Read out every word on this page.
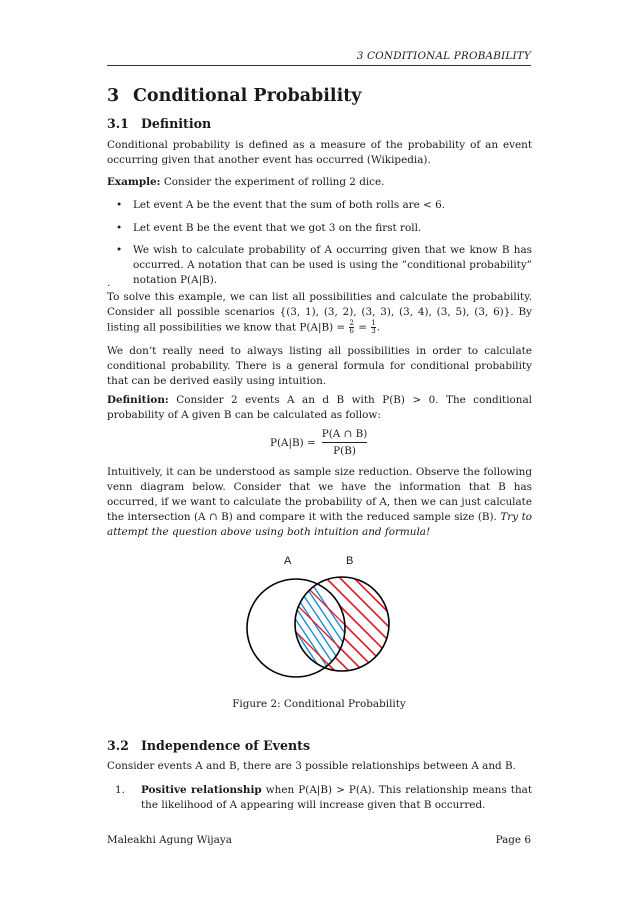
3 CONDITIONAL PROBABILITY
3 Conditional Probability
3.1 Definition
Conditional probability is defined as a measure of the probability of an event occurring given that another event has occurred (Wikipedia).
Example: Consider the experiment of rolling 2 dice.
• Let event A be the event that the sum of both rolls are < 6.
• Let event B be the event that we got 3 on the first roll.
• We wish to calculate probability of A occurring given that we know B has occurred. A notation that can be used is using the ”conditional probability” notation P(A|B).
.
To solve this example, we can list all possibilities and calculate the probability. Consider all possible scenarios {(3, 1), (3, 2), (3, 3), (3, 4), (3, 5), (3, 6)}. By listing all possibilities we know that $P(A|B) = \frac{2}{6} = \frac{1}{3}$ .
We don’t really need to always listing all possibilities in order to calculate conditional probability. There is a general formula for conditional probability that can be derived easily using intuition.
Definition: Consider 2 events A an d B with P(B) > 0. The conditional probability of A given B can be calculated as follow:
P(A|B) =
P(A ∩ B)
P(B)
Intuitively, it can be understood as sample size reduction. Observe the following venn diagram below. Consider that we have the information that B has occurred, if we want to calculate the probability of A, then we can just calculate the intersection (A ∩ B) and compare it with the reduced sample size (B). Try to attempt the question above using both intuition and formula!
A	B
Figure 2: Conditional Probability
3.2 Independence of Events
Consider events A and B, there are 3 possible relationships between A and B.
1. Positive relationship when P(A|B) > P(A). This relationship means that the likelihood of A appearing will increase given that B occurred.
Maleakhi Agung Wijaya	Page 6
